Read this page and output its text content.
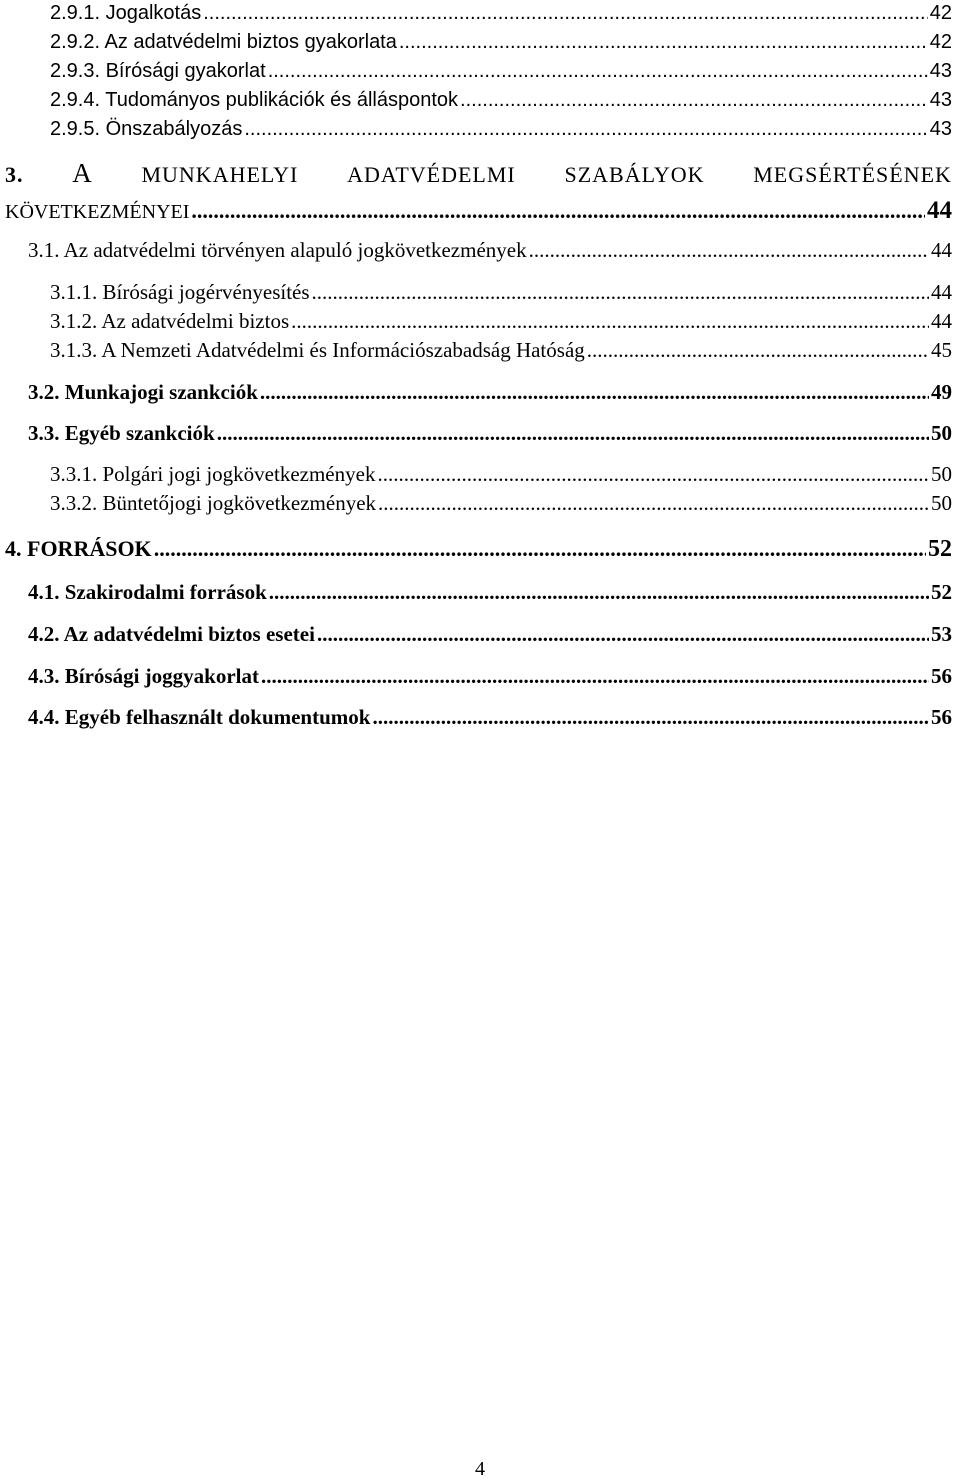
2.9.1. Jogalkotás .....	42
2.9.2. Az adatvédelmi biztos gyakorlata .....	42
2.9.3. Bírósági gyakorlat .....	43
2.9.4. Tudományos publikációk és álláspontok .....	43
2.9.5. Önszabályozás .....	43
3. A MUNKAHELYI ADATVÉDELMI SZABÁLYOK MEGSÉRTÉSÉNEK
KÖVETKEZMÉNYEI .....	44
3.1. Az adatvédelmi törvényen alapuló jogkövetkezmények .....	44
3.1.1. Bírósági jogérvényesítés .....	44
3.1.2. Az adatvédelmi biztos .....	44
3.1.3. A Nemzeti Adatvédelmi és Információszabadság Hatóság .....	45
3.2. Munkajogi szankciók .....	49
3.3. Egyéb szankciók .....	50
3.3.1. Polgári jogi jogkövetkezmények .....	50
3.3.2. Büntetőjogi jogkövetkezmények .....	50
4. FORRÁSOK .....	52
4.1. Szakirodalmi források .....	52
4.2. Az adatvédelmi biztos esetei .....	53
4.3. Bírósági joggyakorlat .....	56
4.4. Egyéb felhasznált dokumentumok .....	56
4
